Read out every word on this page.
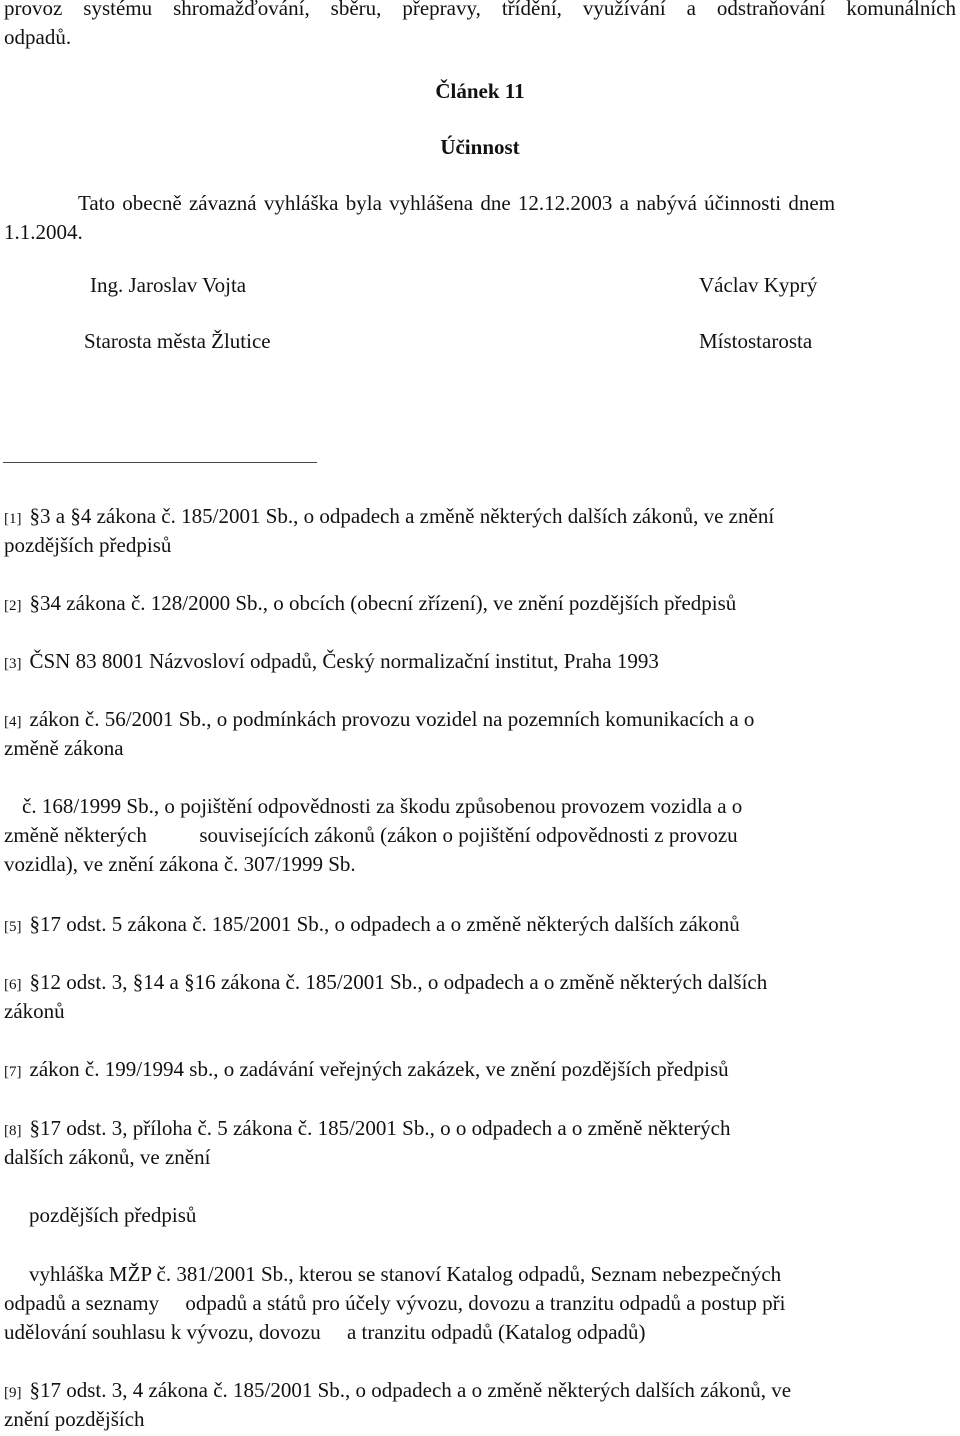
provoz systému shromažďování, sběru, přepravy, třídění, využívání a odstraňování komunálních
odpadů.
Článek 11
Účinnost
Tato obecně závazná vyhláška byla vyhlášena dne 12.12.2003 a nabývá účinnosti dnem
1.1.2004.
Ing. Jaroslav Vojta
Starosta města Žlutice
Václav Kyprý
Místostarosta
[1] §3 a §4 zákona č. 185/2001 Sb., o odpadech a změně některých dalších zákonů, ve znění
pozdějších předpisů
[2] §34 zákona č. 128/2000 Sb., o obcích (obecní zřízení), ve znění pozdějších předpisů
[3] ČSN 83 8001 Názvosloví odpadů, Český normalizační institut, Praha 1993
[4] zákon č. 56/2001 Sb., o podmínkách provozu vozidel na pozemních komunikacích a o
změně zákona
č. 168/1999 Sb., o pojištění odpovědnosti za škodu způsobenou provozem vozidla a o
změně některých          souvisejících zákonů (zákon o pojištění odpovědnosti z provozu
vozidla), ve znění zákona č. 307/1999 Sb.
[5] §17 odst. 5 zákona č. 185/2001 Sb., o odpadech a o změně některých dalších zákonů
[6] §12 odst. 3, §14 a §16 zákona č. 185/2001 Sb., o odpadech a o změně některých dalších
zákonů
[7] zákon č. 199/1994 sb., o zadávání veřejných zakázek, ve znění pozdějších předpisů
[8] §17 odst. 3, příloha č. 5 zákona č. 185/2001 Sb., o o odpadech a o změně některých
dalších zákonů, ve znění
pozdějších předpisů
vyhláška MŽP č. 381/2001 Sb., kterou se stanoví Katalog odpadů, Seznam nebezpečných
odpadů a seznamy     odpadů a států pro účely vývozu, dovozu a tranzitu odpadů a postup při
udělování souhlasu k vývozu, dovozu     a tranzitu odpadů (Katalog odpadů)
[9] §17 odst. 3, 4 zákona č. 185/2001 Sb., o odpadech a o změně některých dalších zákonů, ve
znění pozdějších
